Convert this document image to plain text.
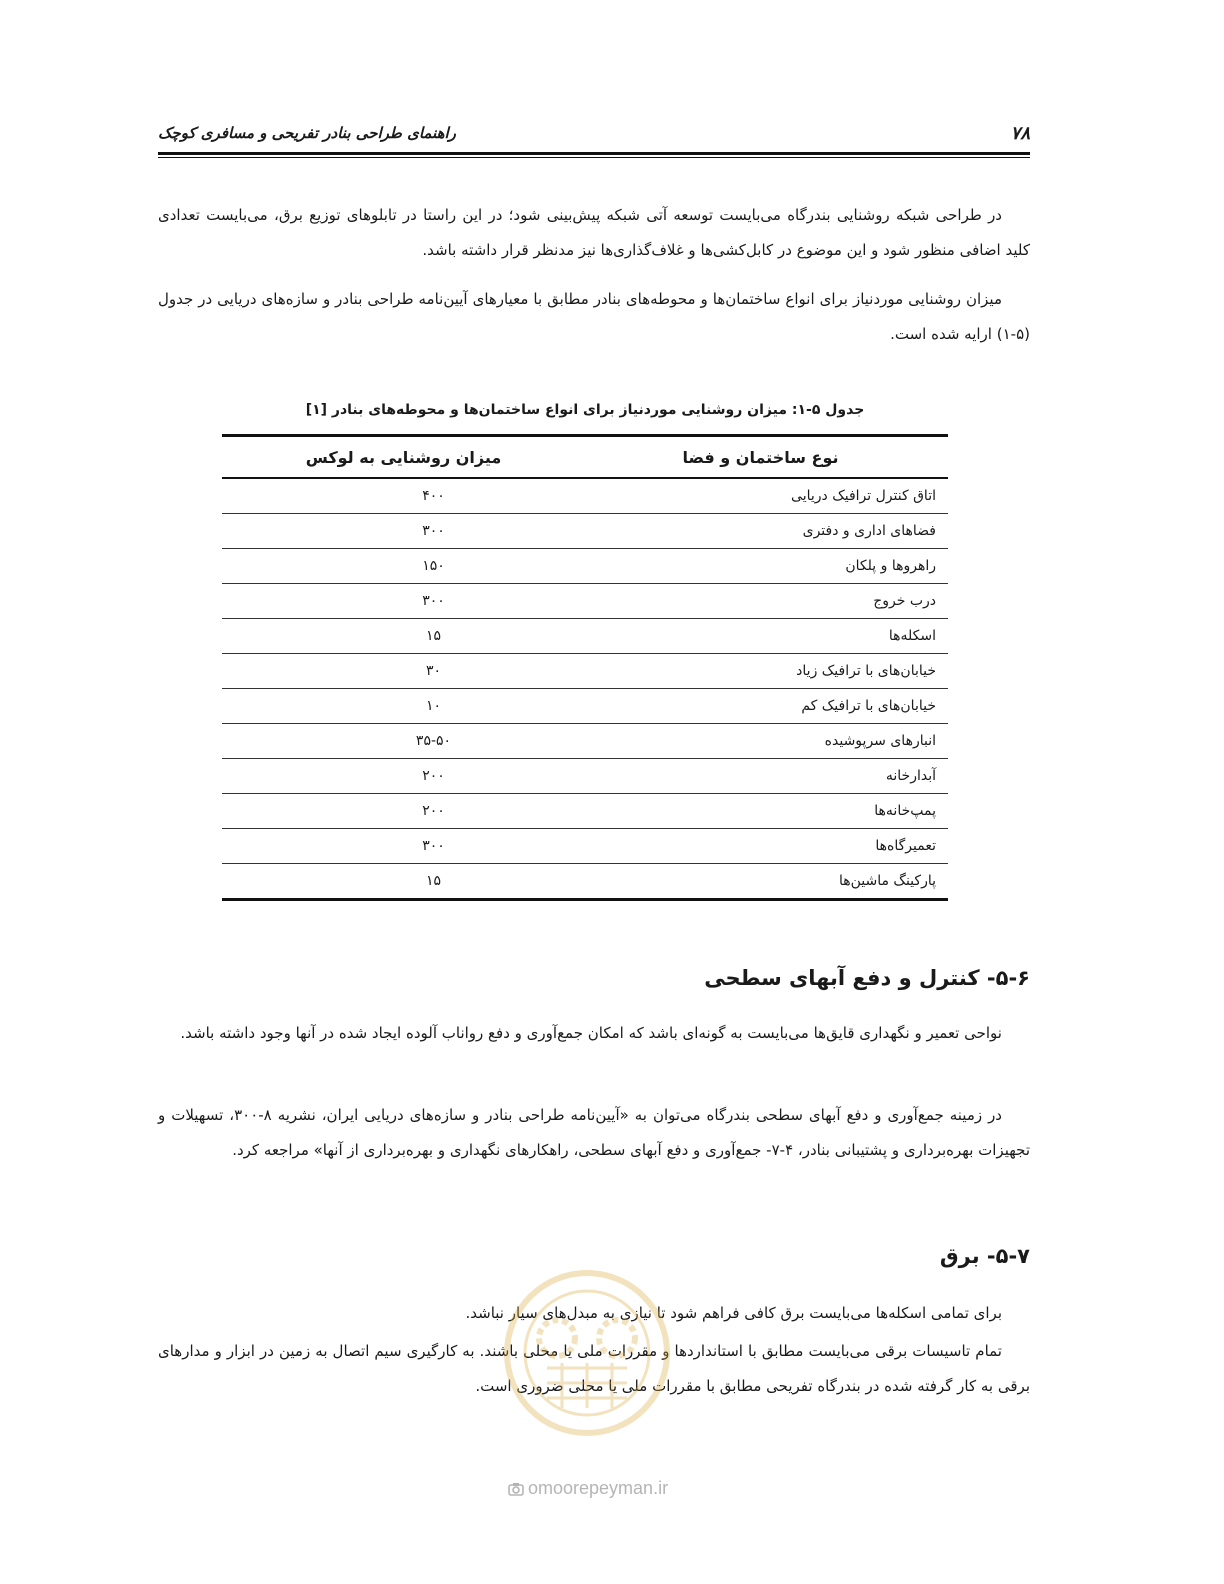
۷۸
راهنمای طراحی بنادر تفریحی و مسافری کوچک

در طراحی شبکه روشنایی بندرگاه می‌بایست توسعه آتی شبکه پیش‌بینی شود؛ در این راستا در تابلوهای توزیع برق، می‌بایست تعدادی کلید اضافی منظور شود و این موضوع در کابل‌کشی‌ها و غلاف‌گذاری‌ها نیز مدنظر قرار داشته باشد.

میزان روشنایی موردنیاز برای انواع ساختمان‌ها و محوطه‌های بنادر مطابق با معیارهای آیین‌نامه طراحی بنادر و سازه‌های دریایی در جدول (۵-۱) ارایه شده است.

جدول ۵-۱: میزان روشنایی موردنیاز برای انواع ساختمان‌ها و محوطه‌های بنادر [۱]
نوع ساختمان و فضا	میزان روشنایی به لوکس
اتاق کنترل ترافیک دریایی	۴۰۰
فضاهای اداری و دفتری	۳۰۰
راهروها و پلکان	۱۵۰
درب خروج	۳۰۰
اسکله‌ها	۱۵
خیابان‌های با ترافیک زیاد	۳۰
خیابان‌های با ترافیک کم	۱۰
انبارهای سرپوشیده	۳۵-۵۰
آبدارخانه	۲۰۰
پمپ‌خانه‌ها	۲۰۰
تعمیرگاه‌ها	۳۰۰
پارکینگ ماشین‌ها	۱۵
۵-۶- کنترل و دفع آبهای سطحی

نواحی تعمیر و نگهداری قایق‌ها می‌بایست به گونه‌ای باشد که امکان جمع‌آوری و دفع رواناب آلوده ایجاد شده در آنها وجود داشته باشد.

در زمینه جمع‌آوری و دفع آبهای سطحی بندرگاه می‌توان به «آیین‌نامه طراحی بنادر و سازه‌های دریایی ایران، نشریه ۸-۳۰۰، تسهیلات و تجهیزات بهره‌برداری و پشتیبانی بنادر، ۴-۷- جمع‌آوری و دفع آبهای سطحی، راهکارهای نگهداری و بهره‌برداری از آنها» مراجعه کرد.

۵-۷- برق

برای تمامی اسکله‌ها می‌بایست برق کافی فراهم شود تا نیازی به مبدل‌های سیار نباشد.

تمام تاسیسات برقی می‌بایست مطابق با استانداردها و مقررات ملی یا محلی باشند. به کارگیری سیم اتصال به زمین در ابزار و مدارهای برقی به کار گرفته شده در بندرگاه تفریحی مطابق با مقررات ملی یا محلی ضروری است.

omoorepeyman.ir
